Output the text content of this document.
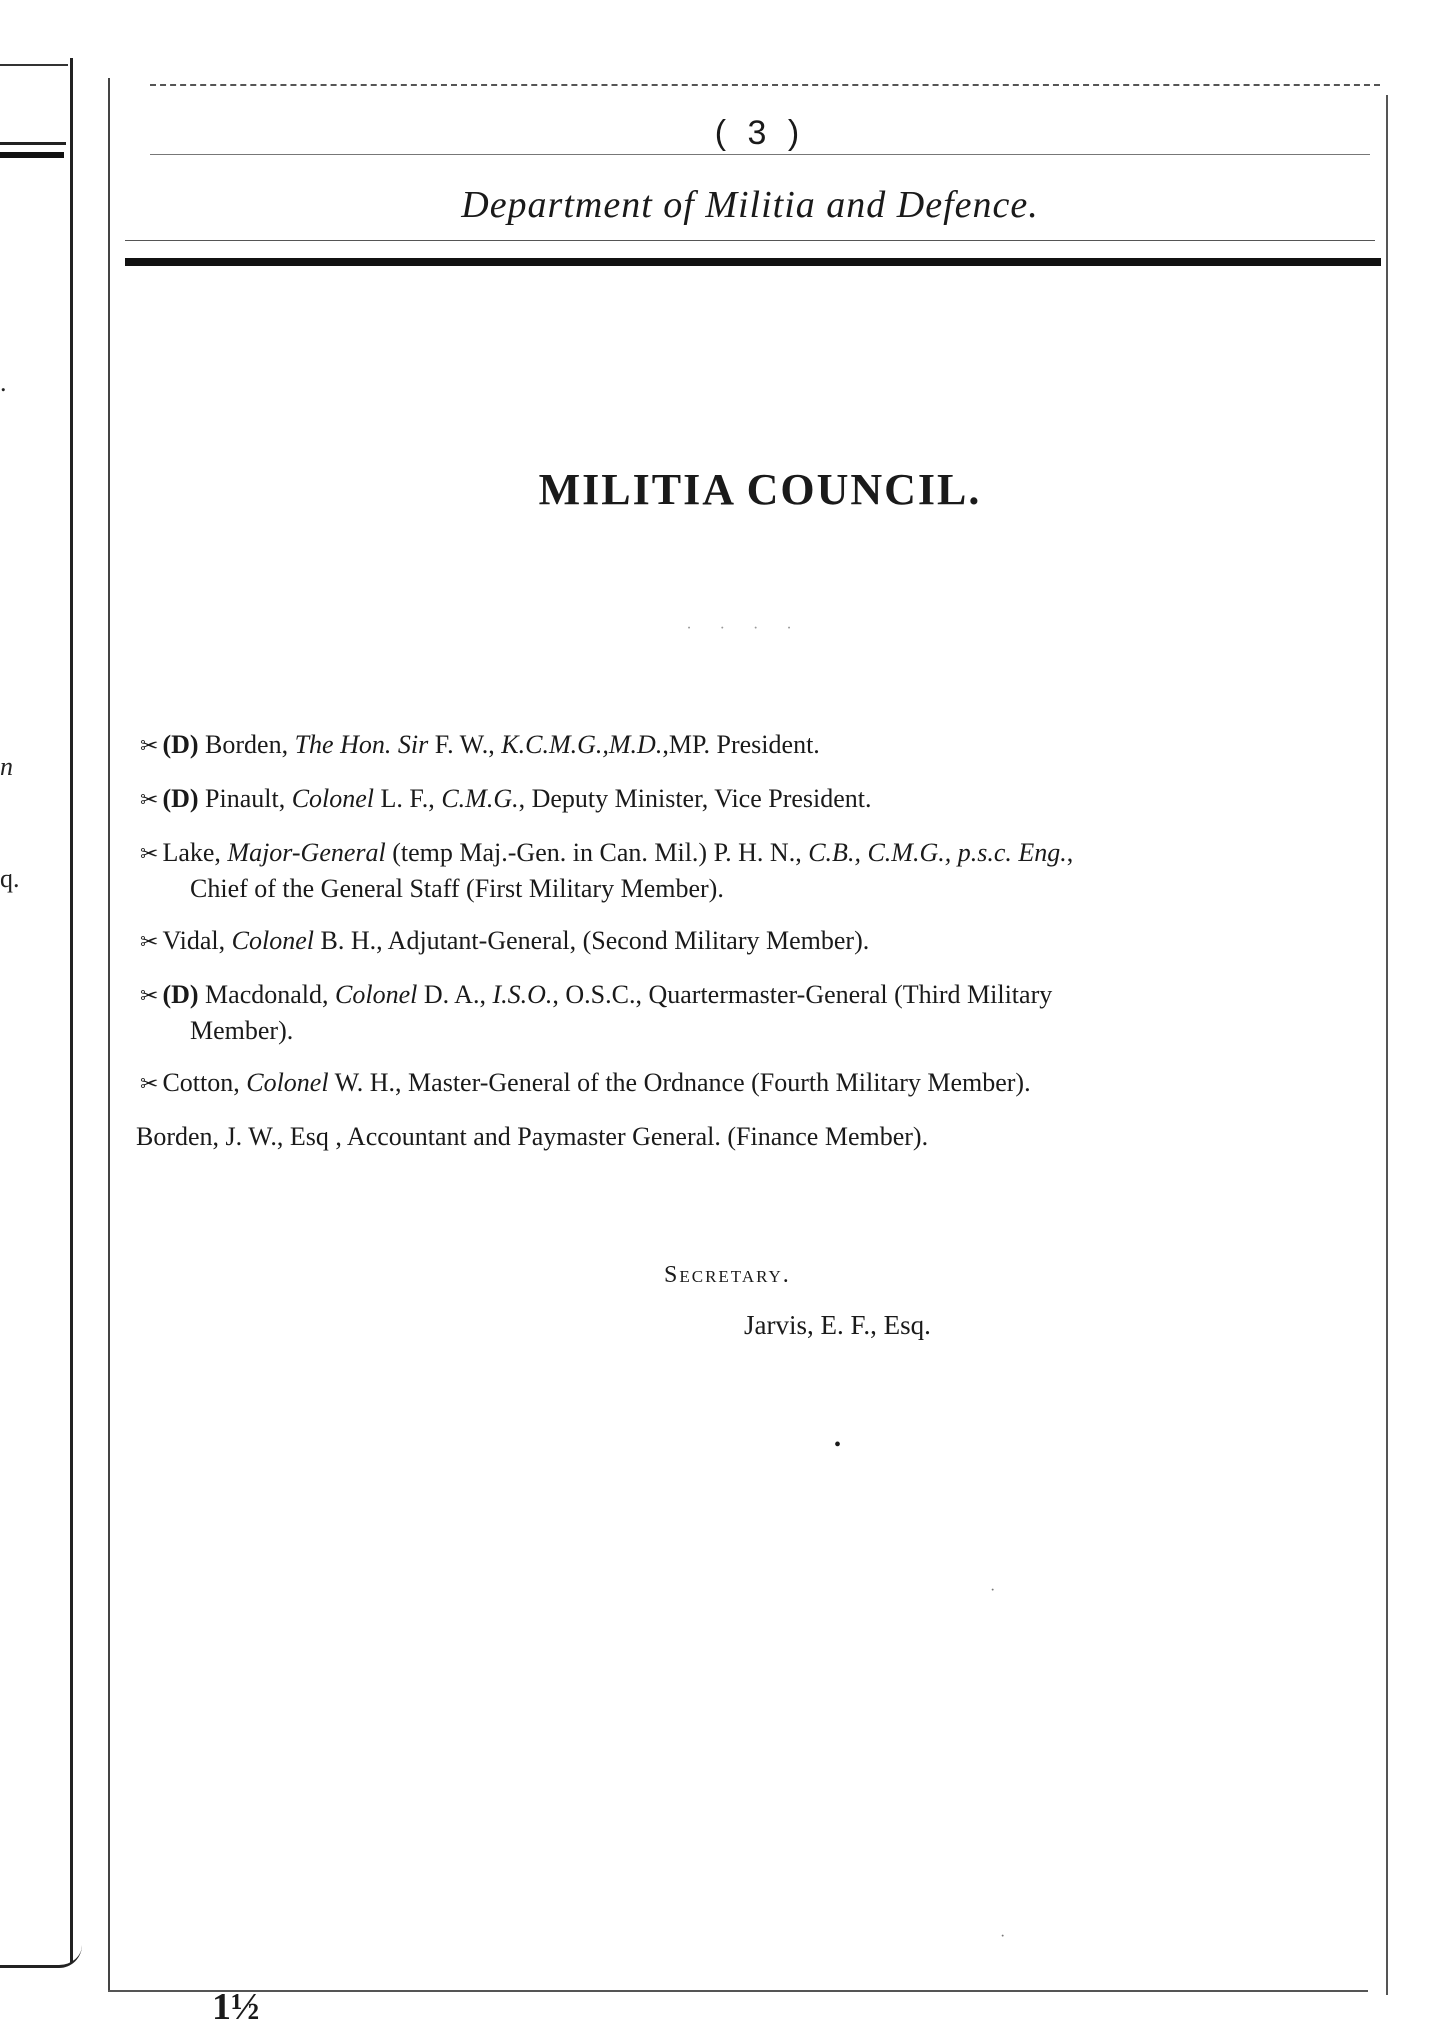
.
n
q.
( 3 )
Department of Militia and Defence.
MILITIA COUNCIL.
· · · ·
✂ (D) Borden, The Hon. Sir F. W., K.C.M.G.,M.D.,MP. President.
✂ (D) Pinault, Colonel L. F., C.M.G., Deputy Minister, Vice President.
✂ Lake, Major-General (temp Maj.-Gen. in Can. Mil.) P. H. N., C.B., C.M.G., p.s.c. Eng.,
Chief of the General Staff (First Military Member).
✂ Vidal, Colonel B. H., Adjutant-General, (Second Military Member).
✂ (D) Macdonald, Colonel D. A., I.S.O., O.S.C., Quartermaster-General (Third Military
Member).
✂ Cotton, Colonel W. H., Master-General of the Ordnance (Fourth Military Member).
Borden, J. W., Esq , Accountant and Paymaster General. (Finance Member).
Secretary.
Jarvis, E. F., Esq.
•
·
·
1½
